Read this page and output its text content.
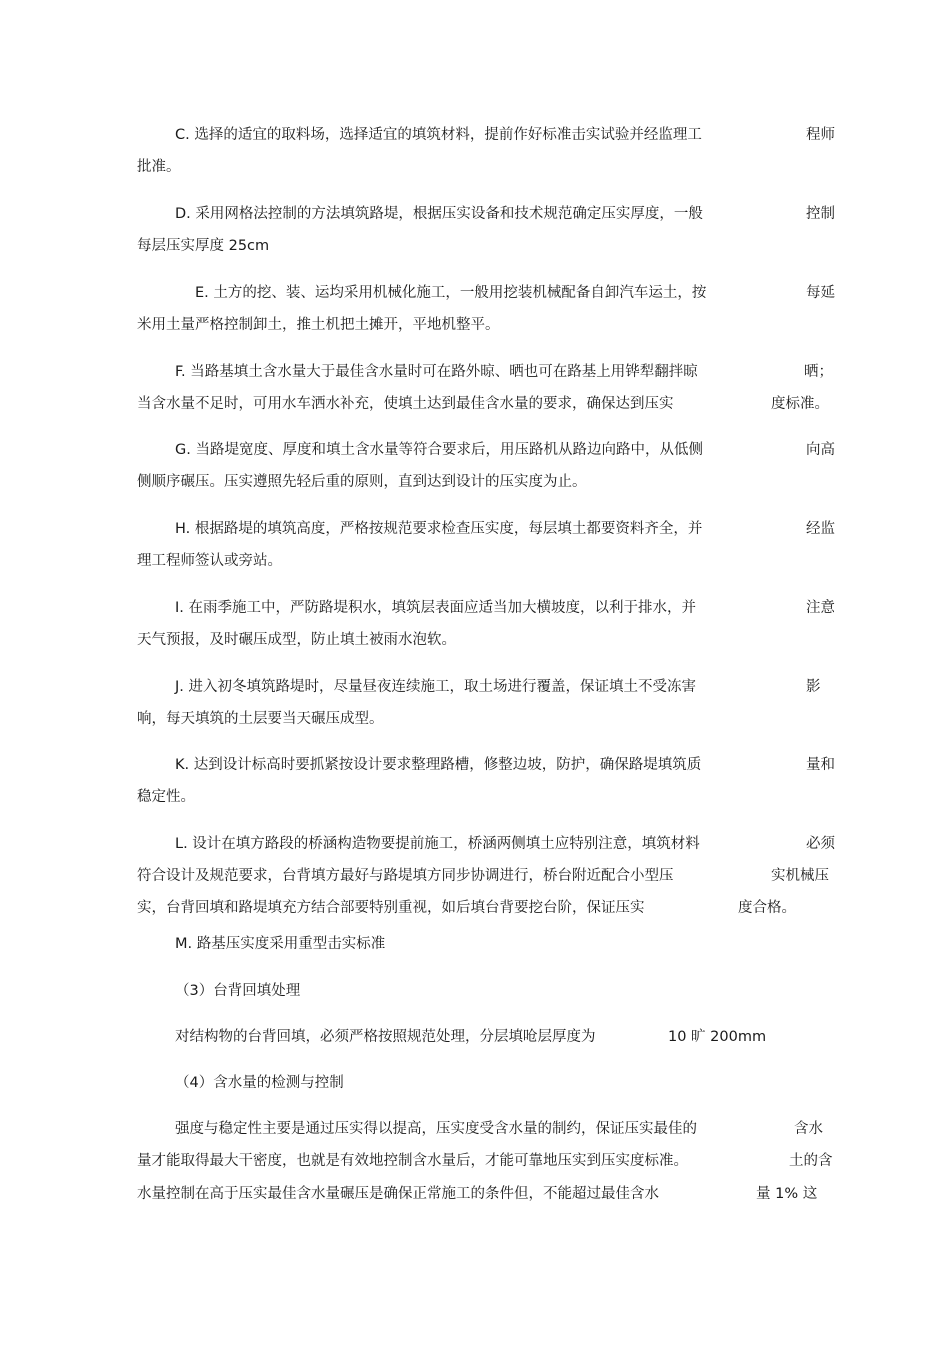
C. 选择的适宜的取料场，选择适宜的填筑材料，提前作好标准击实试验并经监理工	程师
批准。
D. 采用网格法控制的方法填筑路堤，根据压实设备和技术规范确定压实厚度，一般	控制
每层压实厚度 25cm
E. 土方的挖、装、运均采用机械化施工，一般用挖装机械配备自卸汽车运土，按	每延
米用土量严格控制卸土，推土机把土摊开，平地机整平。
F. 当路基填土含水量大于最佳含水量时可在路外晾、晒也可在路基上用铧犁翻拌晾	晒；
当含水量不足时，可用水车洒水补充，使填土达到最佳含水量的要求，确保达到压实	度标准。
G. 当路堤宽度、厚度和填土含水量等符合要求后，用压路机从路边向路中，从低侧	向高
侧顺序碾压。压实遵照先轻后重的原则，直到达到设计的压实度为止。
H. 根据路堤的填筑高度，严格按规范要求检查压实度，每层填土都要资料齐全，并	经监
理工程师签认或旁站。
I. 在雨季施工中，严防路堤积水，填筑层表面应适当加大横坡度，以利于排水，并	注意
天气预报，及时碾压成型，防止填土被雨水泡软。
J. 进入初冬填筑路堤时，尽量昼夜连续施工，取土场进行覆盖，保证填土不受冻害	影
响，每天填筑的土层要当天碾压成型。
K. 达到设计标高时要抓紧按设计要求整理路槽，修整边坡，防护，确保路堤填筑质	量和
稳定性。
L. 设计在填方路段的桥涵构造物要提前施工，桥涵两侧填土应特别注意，填筑材料	必须
符合设计及规范要求，台背填方最好与路堤填方同步协调进行，桥台附近配合小型压	实机械压
实，台背回填和路堤填充方结合部要特别重视，如后填台背要挖台阶，保证压实	度合格。
M. 路基压实度采用重型击实标准
（3）台背回填处理
对结构物的台背回填，必须严格按照规范处理，分层填呛层厚度为	10 旷 200mm
（4）含水量的检测与控制
强度与稳定性主要是通过压实得以提高，压实度受含水量的制约，保证压实最佳的	含水
量才能取得最大干密度，也就是有效地控制含水量后，才能可靠地压实到压实度标准。	土的含
水量控制在高于压实最佳含水量碾压是确保正常施工的条件但，不能超过最佳含水	量 1% 这
